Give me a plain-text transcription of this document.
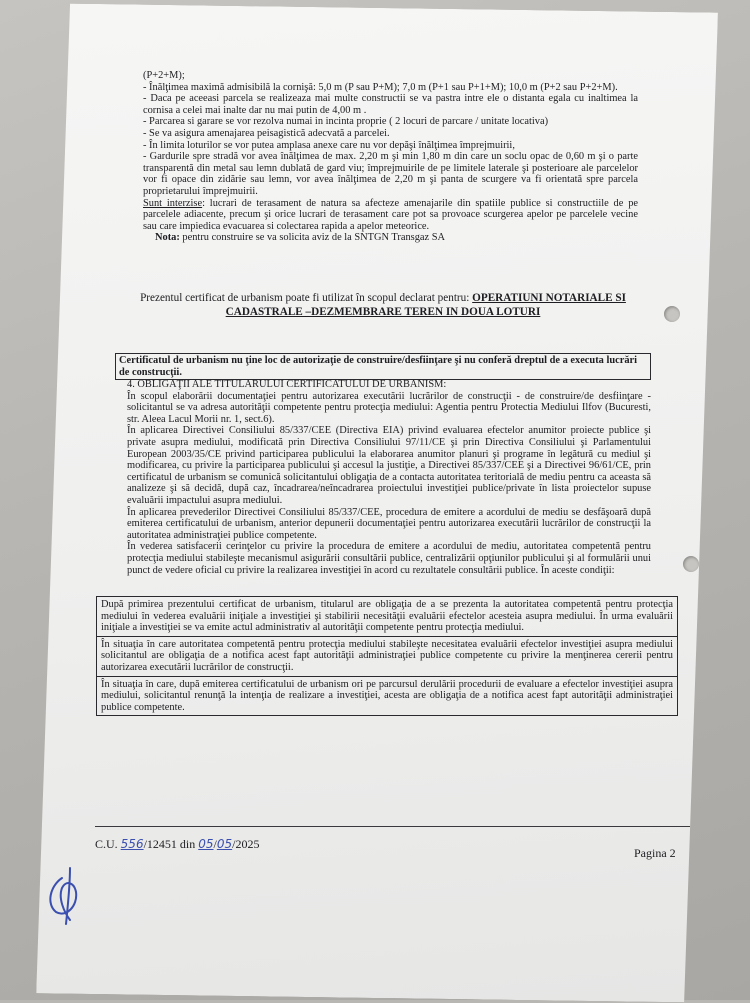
(P+2+M);

- Înălţimea maximă admisibilă la cornişă: 5,0 m (P sau P+M); 7,0 m (P+1 sau P+1+M); 10,0 m (P+2 sau P+2+M).

- Daca pe aceeasi parcela se realizeaza mai multe constructii se va pastra intre ele o distanta egala cu inaltimea la cornisa a celei mai inalte dar nu mai putin de 4,00 m .

- Parcarea si garare se vor rezolva numai in incinta proprie ( 2 locuri de parcare / unitate locativa)

- Se va asigura amenajarea peisagistică adecvată a parcelei.

- În limita loturilor se vor putea amplasa anexe care nu vor depăşi înălţimea împrejmuirii,

- Gardurile spre stradă vor avea înălţimea de max. 2,20 m şi min 1,80 m din care un soclu opac de 0,60 m şi o parte transparentă din metal sau lemn dublată de gard viu; împrejmuirile de pe limitele laterale şi posterioare ale parcelelor vor fi opace din zidărie sau lemn, vor avea înălţimea de 2,20 m şi panta de scurgere va fi orientată spre parcela proprietarului împrejmuirii.

Sunt interzise: lucrari de terasament de natura sa afecteze amenajarile din spatiile publice si constructiile de pe parcelele adiacente, precum şi orice lucrari de terasament care pot sa provoace scurgerea apelor pe parcelele vecine sau care impiedica evacuarea si colectarea rapida a apelor meteorice.

Nota: pentru construire se va solicita aviz de la SNTGN Transgaz SA

Prezentul certificat de urbanism poate fi utilizat în scopul declarat pentru: OPERATIUNI NOTARIALE SI CADASTRALE –DEZMEMBRARE TEREN IN DOUA LOTURI
Certificatul de urbanism nu ţine loc de autorizaţie de construire/desfiinţare şi nu conferă dreptul de a executa lucrări de construcţii.

4. OBLIGAŢII ALE TITULARULUI CERTIFICATULUI DE URBANISM:

În scopul elaborării documentaţiei pentru autorizarea executării lucrărilor de construcţii - de construire/de desfiinţare - solicitantul se va adresa autorităţii competente pentru protecţia mediului: Agentia pentru Protectia Mediului Ilfov (Bucuresti, str. Aleea Lacul Morii nr. 1, sect.6).

În aplicarea Directivei Consiliului 85/337/CEE (Directiva EIA) privind evaluarea efectelor anumitor proiecte publice şi private asupra mediului, modificată prin Directiva Consiliului 97/11/CE şi prin Directiva Consiliului şi Parlamentului European 2003/35/CE privind participarea publicului la elaborarea anumitor planuri şi programe în legătură cu mediul şi modificarea, cu privire la participarea publicului şi accesul la justiţie, a Directivei 85/337/CEE şi a Directivei 96/61/CE, prin certificatul de urbanism se comunică solicitantului obligaţia de a contacta autoritatea teritorială de mediu pentru ca aceasta să analizeze şi să decidă, după caz, încadrarea/neîncadrarea proiectului investiţiei publice/private în lista proiectelor supuse evaluării impactului asupra mediului.

În aplicarea prevederilor Directivei Consiliului 85/337/CEE, procedura de emitere a acordului de mediu se desfăşoară după emiterea certificatului de urbanism, anterior depunerii documentaţiei pentru autorizarea executării lucrărilor de construcţii la autoritatea administraţiei publice competente.

În vederea satisfacerii cerinţelor cu privire la procedura de emitere a acordului de mediu, autoritatea competentă pentru protecţia mediului stabileşte mecanismul asigurării consultării publice, centralizării opţiunilor publicului şi al formulării unui punct de vedere oficial cu privire la realizarea investiţiei în acord cu rezultatele consultării publice. În aceste condiţii:

După primirea prezentului certificat de urbanism, titularul are obligaţia de a se prezenta la autoritatea competentă pentru protecţia mediului în vederea evaluării iniţiale a investiţiei şi stabilirii necesităţii evaluării efectelor acesteia asupra mediului. În urma evaluării iniţiale a investiţiei se va emite actul administrativ al autorităţii competente pentru protecţia mediului.

În situaţia în care autoritatea competentă pentru protecţia mediului stabileşte necesitatea evaluării efectelor investiţiei asupra mediului solicitantul are obligaţia de a notifica acest fapt autorităţii administraţiei publice competente cu privire la menţinerea cererii pentru autorizarea executării lucrărilor de construcţii.

În situaţia în care, după emiterea certificatului de urbanism ori pe parcursul derulării procedurii de evaluare a efectelor investiţiei asupra mediului, solicitantul renunţă la intenţia de realizare a investiţiei, acesta are obligaţia de a notifica acest fapt autorităţii administraţiei publice competente.

C.U. 556/12451 din 05/05/2025
Pagina 2
